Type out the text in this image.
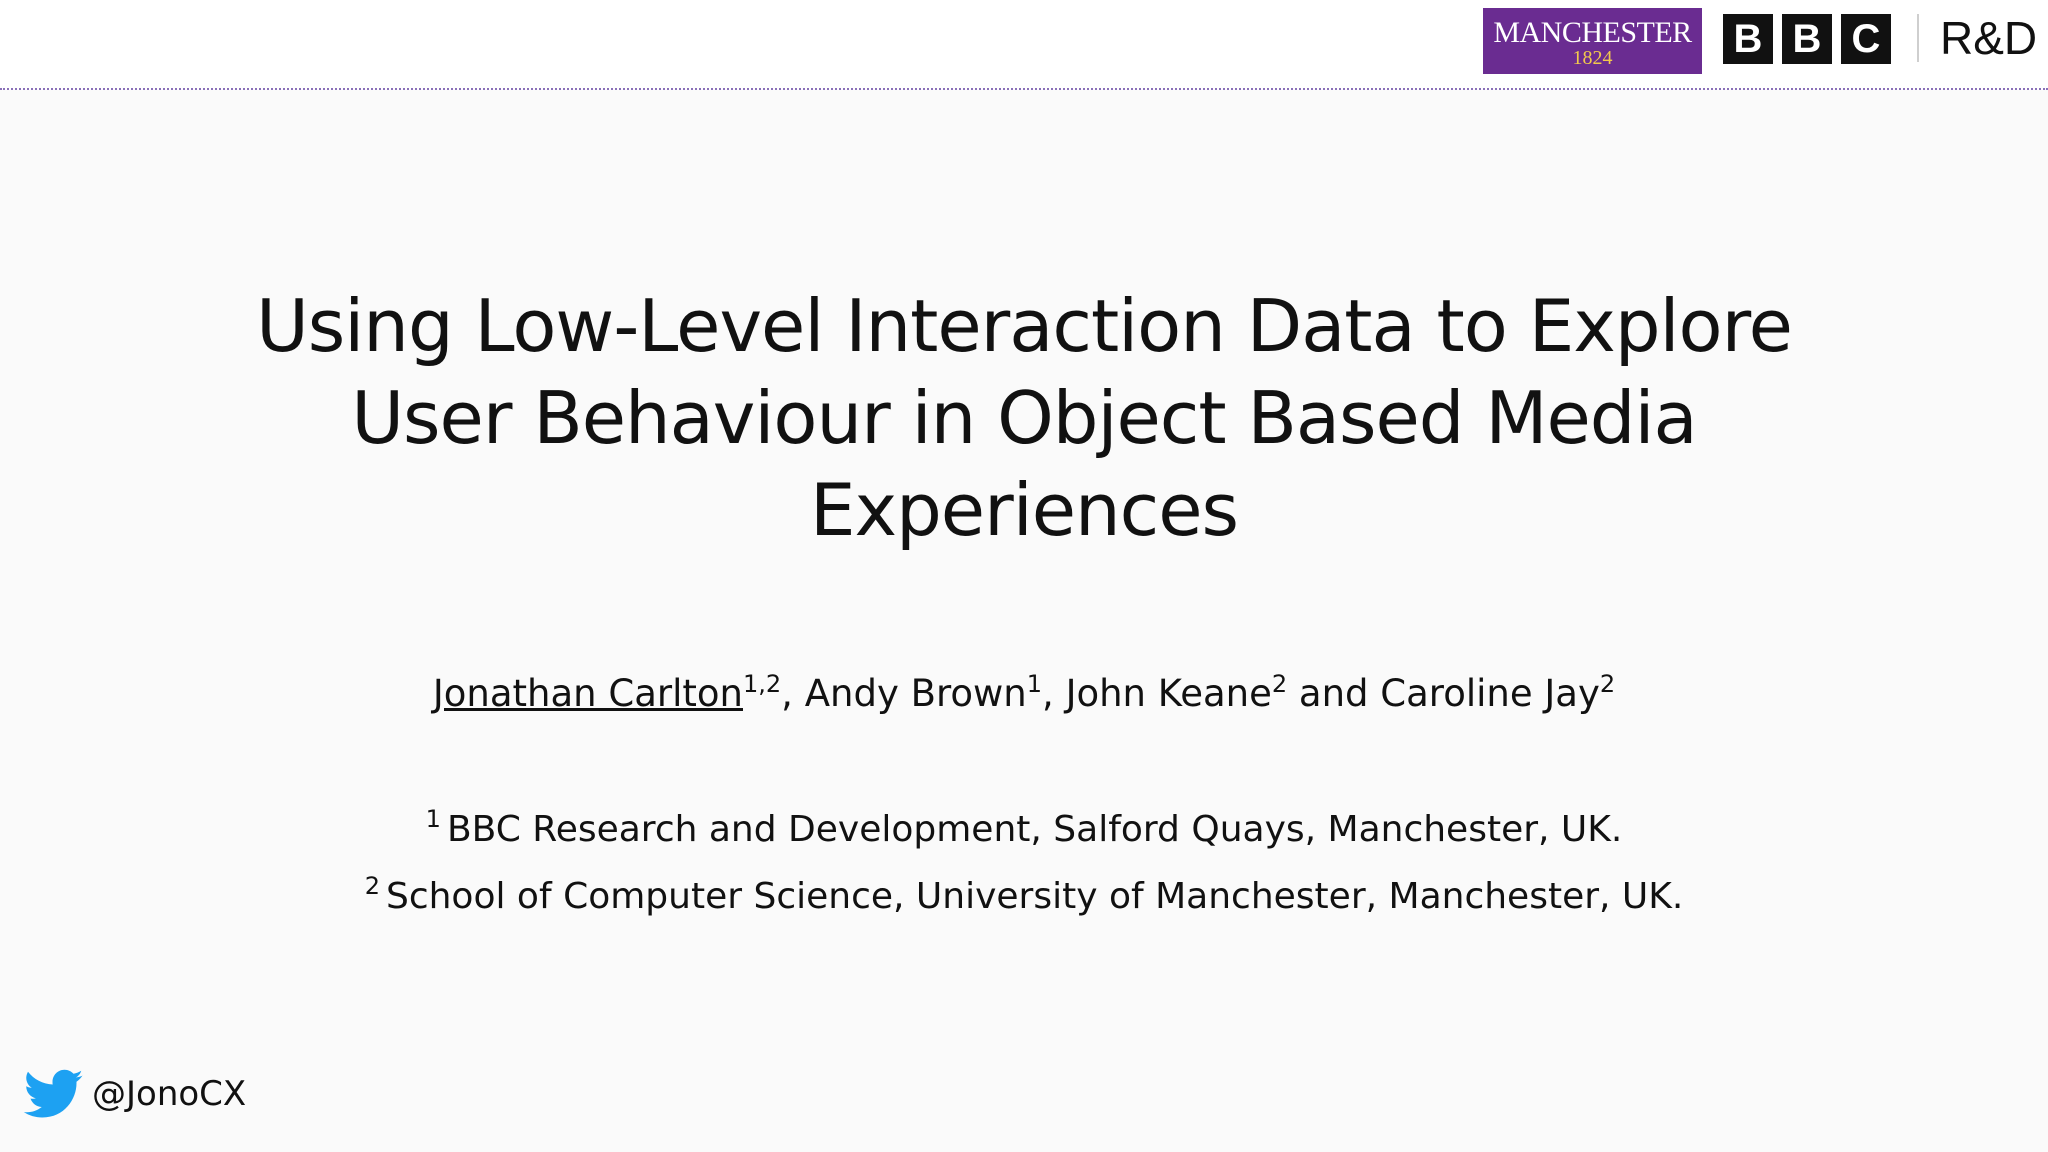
MANCHESTER
1824	B B C R&D
Using Low-Level Interaction Data to Explore
User Behaviour in Object Based Media
Experiences
Jonathan Carlton$^{1,2}$, Andy Brown$^1$, John Keane$^2$ and Caroline Jay$^2$
$^1$ BBC Research and Development, Salford Quays, Manchester, UK.
$^2$ School of Computer Science, University of Manchester, Manchester, UK.
@JonoCX
